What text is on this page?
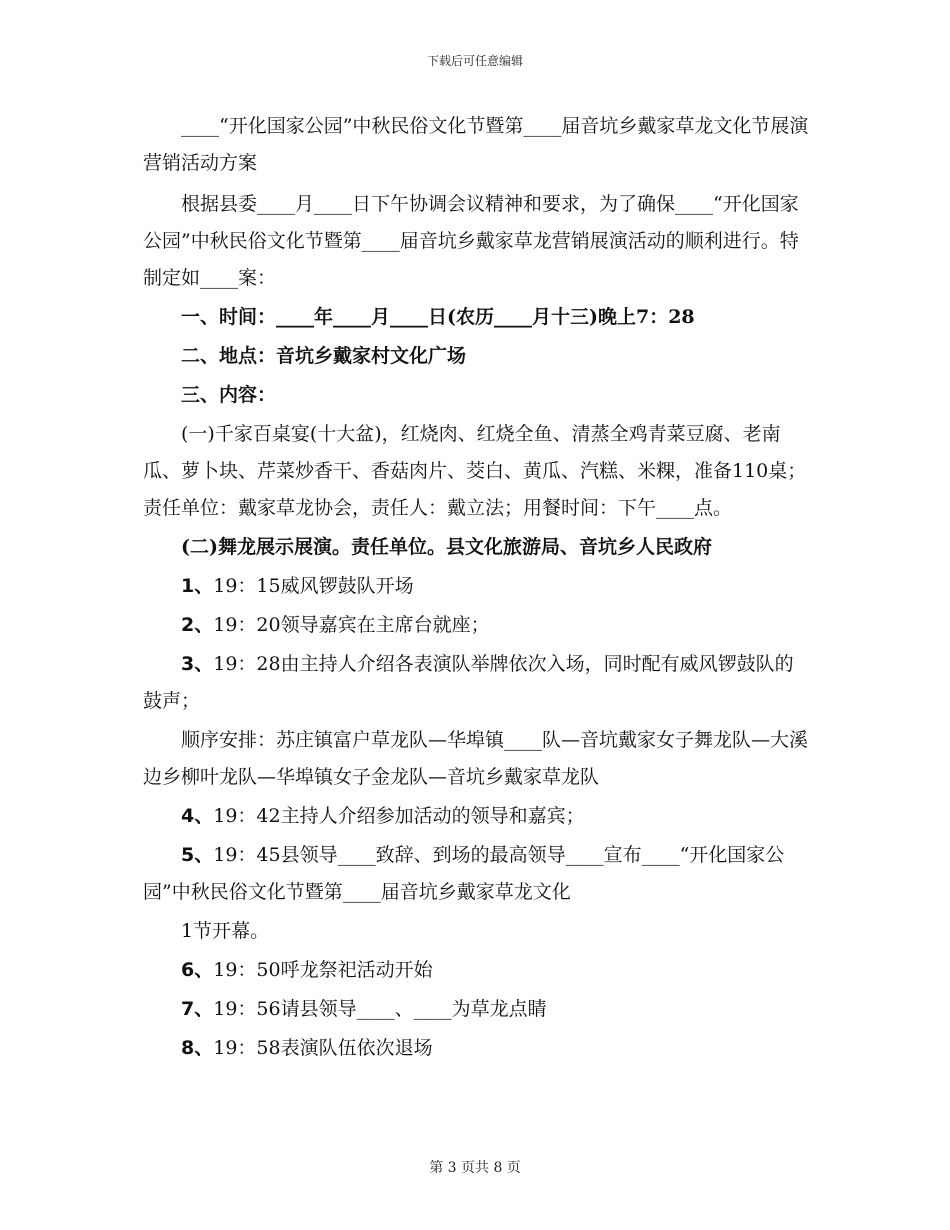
下载后可任意编辑

____“开化国家公园”中秋民俗文化节暨第____届音坑乡戴家草龙文化节展演营销活动方案

根据县委____月____日下午协调会议精神和要求，为了确保____“开化国家公园”中秋民俗文化节暨第____届音坑乡戴家草龙营销展演活动的顺利进行。特制定如____案：

一、时间：____年____月____日(农历____月十三)晚上7：28

二、地点：音坑乡戴家村文化广场

三、内容：

(一)千家百桌宴(十大盆)，红烧肉、红烧全鱼、清蒸全鸡青菜豆腐、老南瓜、萝卜块、芹菜炒香干、香菇肉片、茭白、黄瓜、汽糕、米粿，准备110桌；责任单位：戴家草龙协会，责任人：戴立法；用餐时间：下午____点。

(二)舞龙展示展演。责任单位。县文化旅游局、音坑乡人民政府

1、19：15威风锣鼓队开场

2、19：20领导嘉宾在主席台就座；

3、19：28由主持人介绍各表演队举牌依次入场，同时配有威风锣鼓队的鼓声；

顺序安排：苏庄镇富户草龙队—华埠镇____队—音坑戴家女子舞龙队—大溪边乡柳叶龙队—华埠镇女子金龙队—音坑乡戴家草龙队

4、19：42主持人介绍参加活动的领导和嘉宾；

5、19：45县领导____致辞、到场的最高领导____宣布____“开化国家公园”中秋民俗文化节暨第____届音坑乡戴家草龙文化

1节开幕。

6、19：50呼龙祭祀活动开始

7、19：56请县领导____、____为草龙点睛

8、19：58表演队伍依次退场

第 3 页共 8 页
